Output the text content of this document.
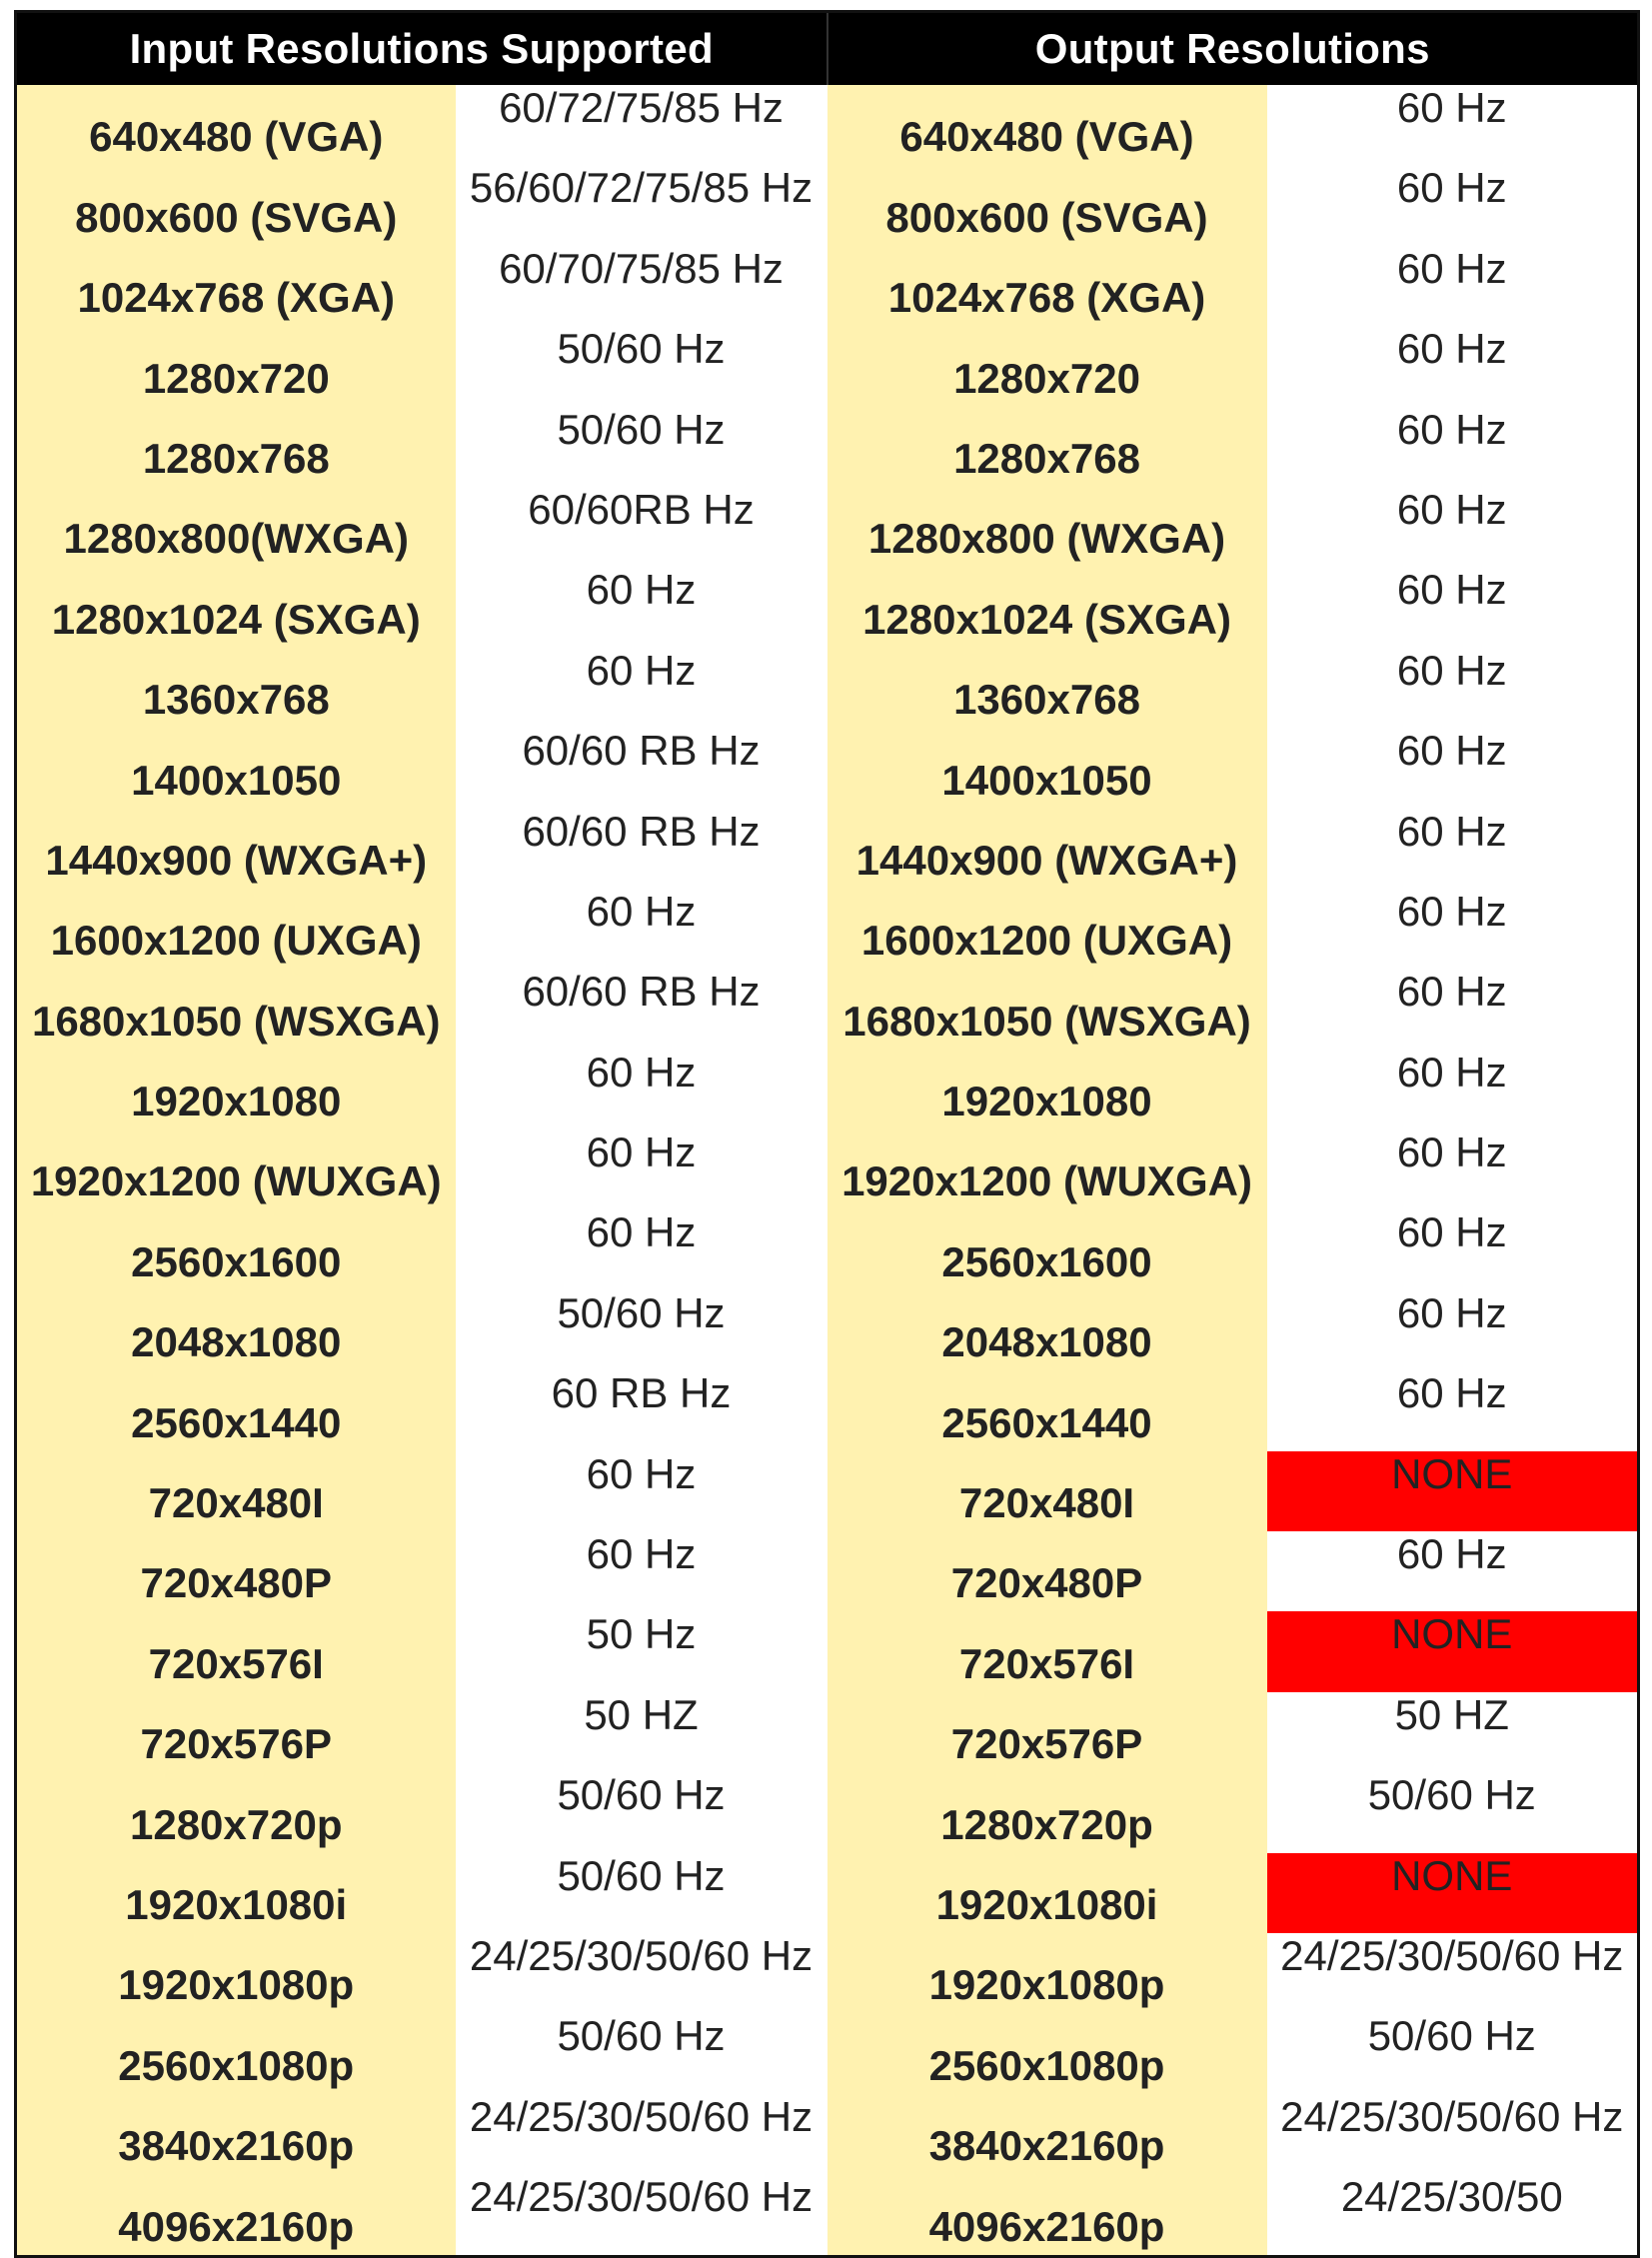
Input Resolutions Supported		Output Resolutions	
640x480 (VGA)	60/72/75/85 Hz	640x480 (VGA)	60 Hz
800x600 (SVGA)	56/60/72/75/85 Hz	800x600 (SVGA)	60 Hz
1024x768 (XGA)	60/70/75/85 Hz	1024x768 (XGA)	60 Hz
1280x720	50/60 Hz	1280x720	60 Hz
1280x768	50/60 Hz	1280x768	60 Hz
1280x800(WXGA)	60/60RB Hz	1280x800 (WXGA)	60 Hz
1280x1024 (SXGA)	60 Hz	1280x1024 (SXGA)	60 Hz
1360x768	60 Hz	1360x768	60 Hz
1400x1050	60/60 RB Hz	1400x1050	60 Hz
1440x900 (WXGA+)	60/60 RB Hz	1440x900 (WXGA+)	60 Hz
1600x1200 (UXGA)	60 Hz	1600x1200 (UXGA)	60 Hz
1680x1050 (WSXGA)	60/60 RB Hz	1680x1050 (WSXGA)	60 Hz
1920x1080	60 Hz	1920x1080	60 Hz
1920x1200 (WUXGA)	60 Hz	1920x1200 (WUXGA)	60 Hz
2560x1600	60 Hz	2560x1600	60 Hz
2048x1080	50/60 Hz	2048x1080	60 Hz
2560x1440	60 RB Hz	2560x1440	60 Hz
720x480I	60 Hz	720x480I	NONE
720x480P	60 Hz	720x480P	60 Hz
720x576I	50 Hz	720x576I	NONE
720x576P	50 HZ	720x576P	50 HZ
1280x720p	50/60 Hz	1280x720p	50/60 Hz
1920x1080i	50/60 Hz	1920x1080i	NONE
1920x1080p	24/25/30/50/60 Hz	1920x1080p	24/25/30/50/60 Hz
2560x1080p	50/60 Hz	2560x1080p	50/60 Hz
3840x2160p	24/25/30/50/60 Hz	3840x2160p	24/25/30/50/60 Hz
4096x2160p	24/25/30/50/60 Hz	4096x2160p	24/25/30/50
